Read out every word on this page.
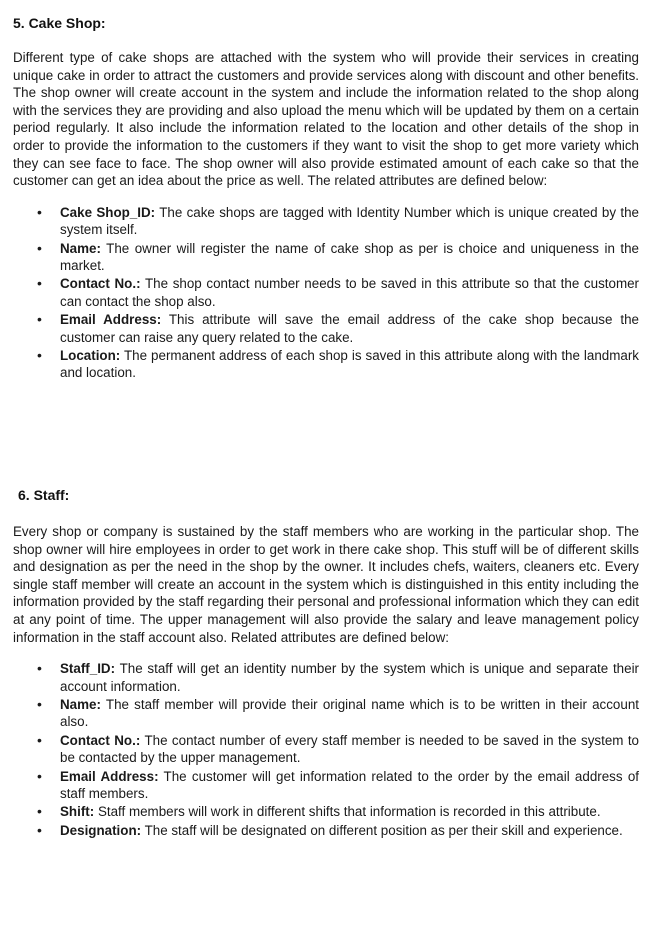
5. Cake Shop:

Different type of cake shops are attached with the system who will provide their services in creating unique cake in order to attract the customers and provide services along with discount and other benefits. The shop owner will create account in the system and include the information related to the shop along with the services they are providing and also upload the menu which will be updated by them on a certain period regularly. It also include the information related to the location and other details of the shop in order to provide the information to the customers if they want to visit the shop to get more variety which they can see face to face. The shop owner will also provide estimated amount of each cake so that the customer can get an idea about the price as well. The related attributes are defined below:

• Cake Shop_ID: The cake shops are tagged with Identity Number which is unique created by the system itself.
• Name: The owner will register the name of cake shop as per is choice and uniqueness in the market.
• Contact No.: The shop contact number needs to be saved in this attribute so that the customer can contact the shop also.
• Email Address: This attribute will save the email address of the cake shop because the customer can raise any query related to the cake.
• Location: The permanent address of each shop is saved in this attribute along with the landmark and location.
6. Staff:

Every shop or company is sustained by the staff members who are working in the particular shop. The shop owner will hire employees in order to get work in there cake shop. This stuff will be of different skills and designation as per the need in the shop by the owner. It includes chefs, waiters, cleaners etc. Every single staff member will create an account in the system which is distinguished in this entity including the information provided by the staff regarding their personal and professional information which they can edit at any point of time. The upper management will also provide the salary and leave management policy information in the staff account also. Related attributes are defined below:

• Staff_ID: The staff will get an identity number by the system which is unique and separate their account information.
• Name: The staff member will provide their original name which is to be written in their account also.
• Contact No.: The contact number of every staff member is needed to be saved in the system to be contacted by the upper management.
• Email Address: The customer will get information related to the order by the email address of staff members.
• Shift: Staff members will work in different shifts that information is recorded in this attribute.
• Designation: The staff will be designated on different position as per their skill and experience.
